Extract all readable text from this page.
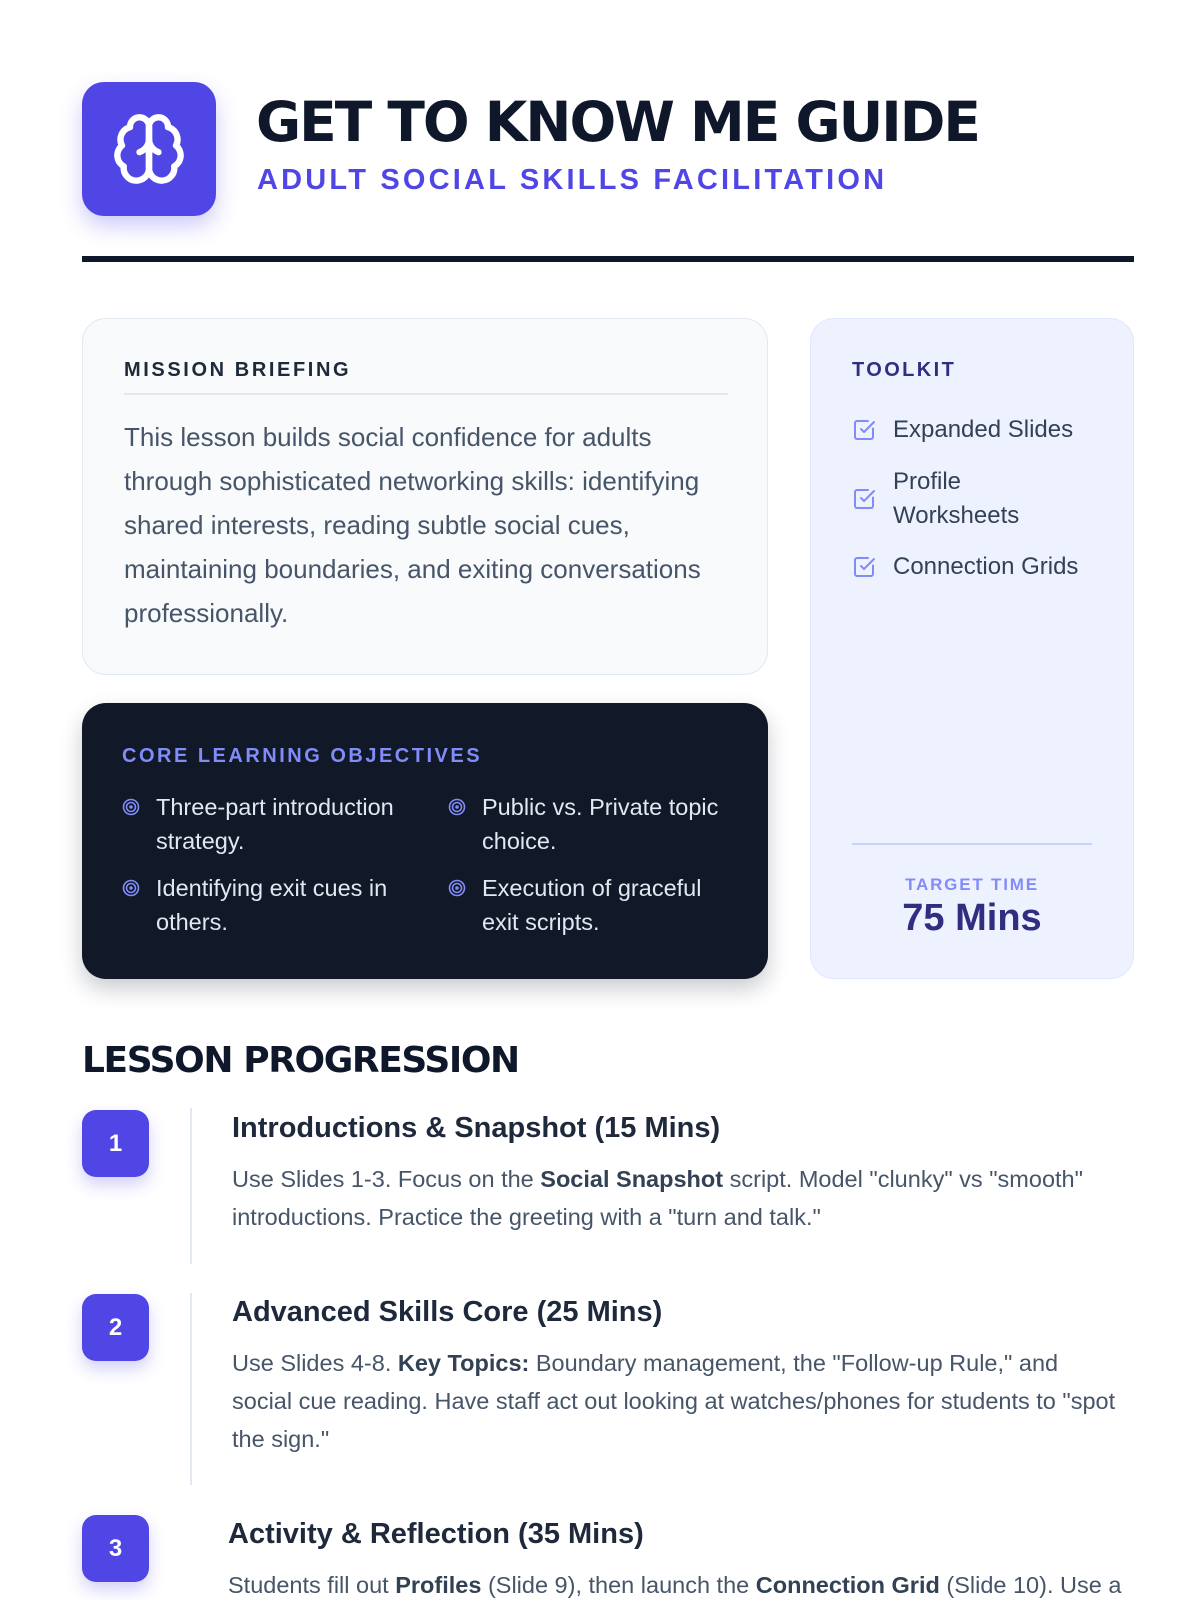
GET TO KNOW ME GUIDE
ADULT SOCIAL SKILLS FACILITATION
MISSION BRIEFING

This lesson builds social confidence for adults through sophisticated networking skills: identifying shared interests, reading subtle social cues, maintaining boundaries, and exiting conversations professionally.

CORE LEARNING OBJECTIVES
Three-part introduction strategy.
Public vs. Private topic choice.
Identifying exit cues in others.
Execution of graceful exit scripts.
TOOLKIT
Expanded Slides
Profile Worksheets
Connection Grids
TARGET TIME
75 Mins
LESSON PROGRESSION
1	Introductions & Snapshot (15 Mins)
Use Slides 1-3. Focus on the Social Snapshot script. Model "clunky" vs "smooth" introductions. Practice the greeting with a "turn and talk."
2	Advanced Skills Core (25 Mins)
Use Slides 4-8. Key Topics: Boundary management, the "Follow-up Rule," and social cue reading. Have staff act out looking at watches/phones for students to "spot the sign."
3	Activity & Reflection (35 Mins)
Students fill out Profiles (Slide 9), then launch the Connection Grid (Slide 10). Use a
